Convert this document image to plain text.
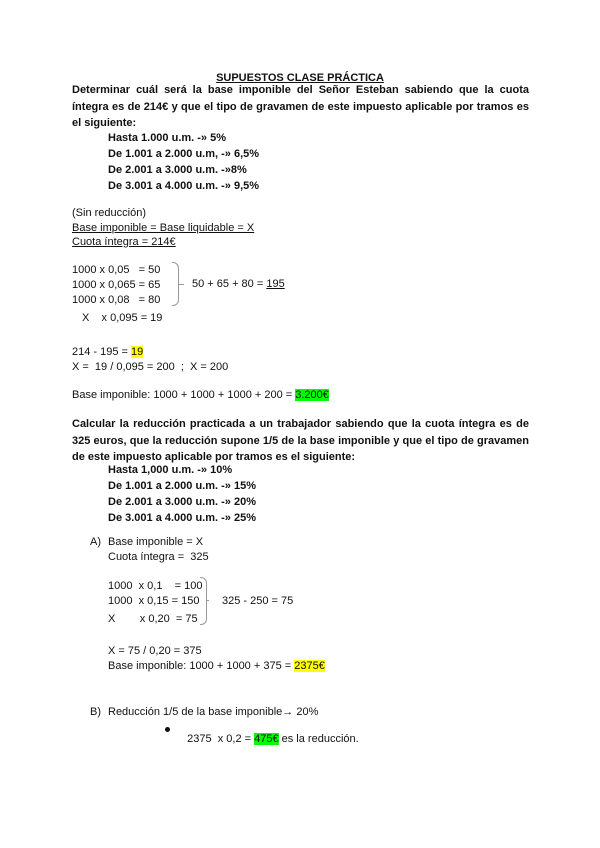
SUPUESTOS CLASE PRÁCTICA
Determinar cuál será la base imponible del Señor Esteban sabiendo que la cuota íntegra es de 214€ y que el tipo de gravamen de este impuesto aplicable por tramos es el siguiente:
Hasta 1.000 u.m. -» 5%
De 1.001 a 2.000 u.m, -» 6,5%
De 2.001 a 3.000 u.m. -»8%
De 3.001 a 4.000 u.m. -» 9,5%
(Sin reducción)
Base imponible = Base liquidable = X
Cuota íntegra = 214€
1000 x 0,05   = 50
1000 x 0,065 = 65
1000 x 0,08   = 80
X    x 0,095 = 19
50 + 65 + 80 = 195
214 - 195 = 19
X =  19 / 0,095 = 200  ;  X = 200
Base imponible: 1000 + 1000 + 1000 + 200 = 3.200€
Calcular la reducción practicada a un trabajador sabiendo que la cuota íntegra es de 325 euros, que la reducción supone 1/5 de la base imponible y que el tipo de gravamen de este impuesto aplicable por tramos es el siguiente:
Hasta 1,000 u.m. -» 10%
De 1.001 a 2.000 u.m. -» 15%
De 2.001 a 3.000 u.m. -» 20%
De 3.001 a 4.000 u.m. -» 25%
A) Base imponible = X
Cuota íntegra =  325
1000  x 0,1    = 100
1000  x 0,15 = 150
X        x 0,20  = 75
325 - 250 = 75
X = 75 / 0,20 = 375
Base imponible: 1000 + 1000 + 375 = 2375€
B) Reducción 1/5 de la base imponible→ 20%

2375  x 0,2 = 475€ es la reducción.
